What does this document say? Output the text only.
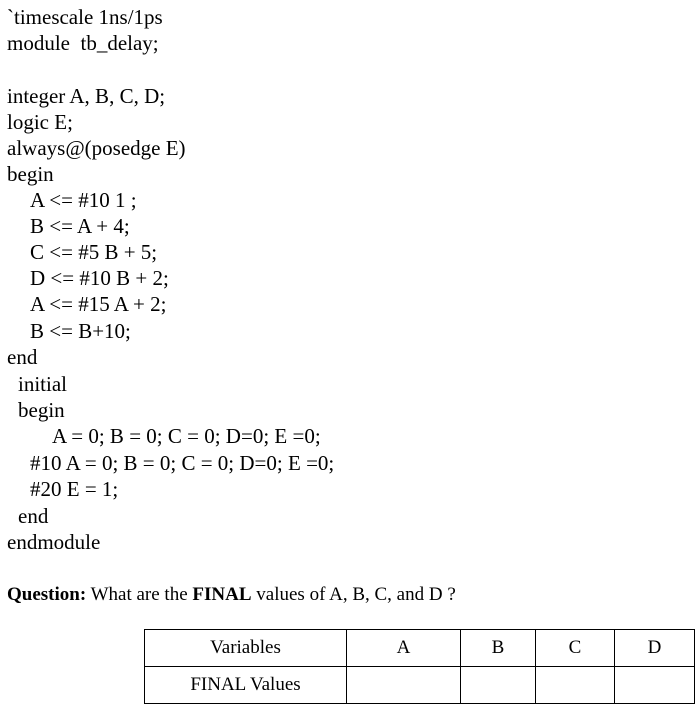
`timescale 1ns/1ps
module  tb_delay;
integer A, B, C, D;
logic E;
always@(posedge E)
begin
A <= #10 1 ;
B <= A + 4;
C <= #5 B + 5;
D <= #10 B + 2;
A <= #15 A + 2;
B <= B+10;
end
initial
begin
A = 0; B = 0; C = 0; D=0; E =0;
#10 A = 0; B = 0; C = 0; D=0; E =0;
#20 E = 1;
end
endmodule
Question: What are the FINAL values of A, B, C, and D ?
Variables	A	B	C	D
FINAL Values				
